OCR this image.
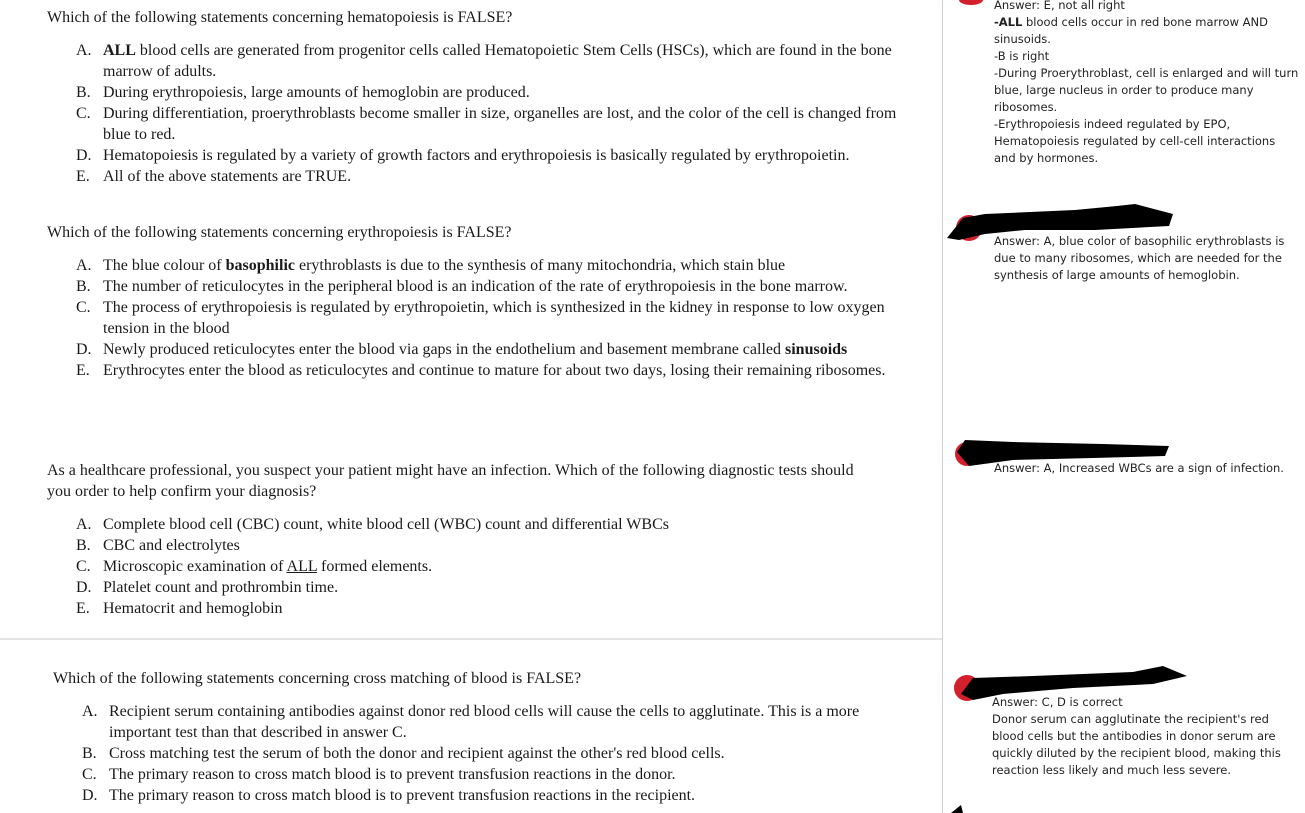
Which of the following statements concerning hematopoiesis is FALSE?

A. ALL blood cells are generated from progenitor cells called Hematopoietic Stem Cells (HSCs), which are found in the bone marrow of adults.
B. During erythropoiesis, large amounts of hemoglobin are produced.
C. During differentiation, proerythroblasts become smaller in size, organelles are lost, and the color of the cell is changed from blue to red.
D. Hematopoiesis is regulated by a variety of growth factors and erythropoiesis is basically regulated by erythropoietin.
E. All of the above statements are TRUE.

Which of the following statements concerning erythropoiesis is FALSE?

A. The blue colour of basophilic erythroblasts is due to the synthesis of many mitochondria, which stain blue
B. The number of reticulocytes in the peripheral blood is an indication of the rate of erythropoiesis in the bone marrow.
C. The process of erythropoiesis is regulated by erythropoietin, which is synthesized in the kidney in response to low oxygen tension in the blood
D. Newly produced reticulocytes enter the blood via gaps in the endothelium and basement membrane called sinusoids
E. Erythrocytes enter the blood as reticulocytes and continue to mature for about two days, losing their remaining ribosomes.

As a healthcare professional, you suspect your patient might have an infection. Which of the following diagnostic tests should you order to help confirm your diagnosis?

A. Complete blood cell (CBC) count, white blood cell (WBC) count and differential WBCs
B. CBC and electrolytes
C. Microscopic examination of ALL formed elements.
D. Platelet count and prothrombin time.
E. Hematocrit and hemoglobin

Which of the following statements concerning cross matching of blood is FALSE?

A. Recipient serum containing antibodies against donor red blood cells will cause the cells to agglutinate. This is a more important test than that described in answer C.
B. Cross matching test the serum of both the donor and recipient against the other's red blood cells.
C. The primary reason to cross match blood is to prevent transfusion reactions in the donor.
D. The primary reason to cross match blood is to prevent transfusion reactions in the recipient.

Answer: E, not all right

-ALL blood cells occur in red bone marrow AND sinusoids.

-B is right

-During Proerythroblast, cell is enlarged and will turn blue, large nucleus in order to produce many ribosomes.

-Erythropoiesis indeed regulated by EPO, Hematopoiesis regulated by cell-cell interactions and by hormones.

Answer: A, blue color of basophilic erythroblasts is due to many ribosomes, which are needed for the synthesis of large amounts of hemoglobin.

Answer: A, Increased WBCs are a sign of infection.

Answer: C, D is correct

Donor serum can agglutinate the recipient's red blood cells but the antibodies in donor serum are quickly diluted by the recipient blood, making this reaction less likely and much less severe.
